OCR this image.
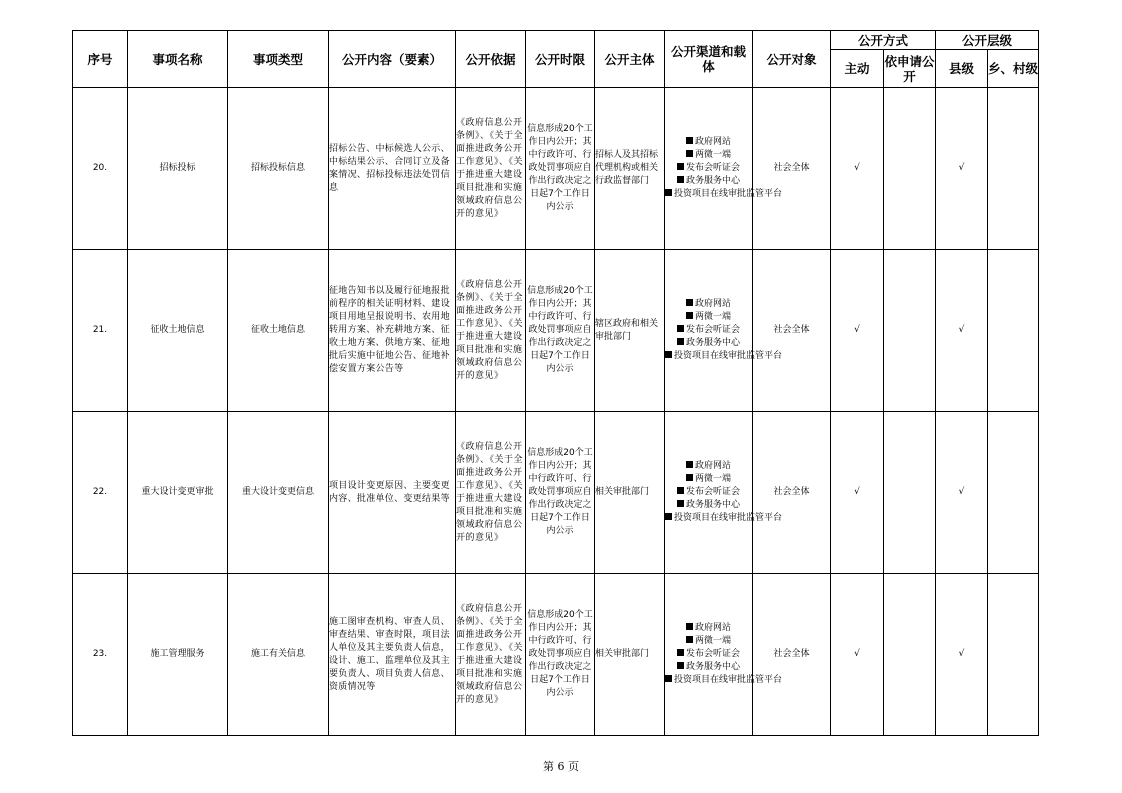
序号	事项名称	事项类型	公开内容（要素）	公开依据	公开时限	公开主体	公开渠道和载体	公开对象	公开方式		公开层级	
									主动	依申请公开	县级	乡、村级
20.	招标投标	招标投标信息	招标公告、中标候选人公示、中标结果公示、合同订立及备案情况、招标投标违法处罚信息	《政府信息公开条例》、《关于全面推进政务公开工作意见》、《关于推进重大建设项目批准和实施领域政府信息公开的意见》	信息形成20个工作日内公开；其中行政许可、行政处罚事项应自作出行政决定之日起7个工作日内公示	招标人及其招标代理机构或相关行政监督部门	政府网站
两微一端
发布会听证会
政务服务中心
投资项目在线审批监管平台	社会全体	√		√	
21.	征收土地信息	征收土地信息	征地告知书以及履行征地报批前程序的相关证明材料、建设项目用地呈报说明书、农用地转用方案、补充耕地方案、征收土地方案、供地方案、征地批后实施中征地公告、征地补偿安置方案公告等	《政府信息公开条例》、《关于全面推进政务公开工作意见》、《关于推进重大建设项目批准和实施领域政府信息公开的意见》	信息形成20个工作日内公开；其中行政许可、行政处罚事项应自作出行政决定之日起7个工作日内公示	辖区政府和相关审批部门	政府网站
两微一端
发布会听证会
政务服务中心
投资项目在线审批监管平台	社会全体	√		√	
22.	重大设计变更审批	重大设计变更信息	项目设计变更原因、主要变更内容、批准单位、变更结果等	《政府信息公开条例》、《关于全面推进政务公开工作意见》、《关于推进重大建设项目批准和实施领域政府信息公开的意见》	信息形成20个工作日内公开；其中行政许可、行政处罚事项应自作出行政决定之日起7个工作日内公示	相关审批部门	政府网站
两微一端
发布会听证会
政务服务中心
投资项目在线审批监管平台	社会全体	√		√	
23.	施工管理服务	施工有关信息	施工图审查机构、审查人员、审查结果、审查时限，项目法人单位及其主要负责人信息，设计、施工、监理单位及其主要负责人、项目负责人信息、资质情况等	《政府信息公开条例》、《关于全面推进政务公开工作意见》、《关于推进重大建设项目批准和实施领域政府信息公开的意见》	信息形成20个工作日内公开；其中行政许可、行政处罚事项应自作出行政决定之日起7个工作日内公示	相关审批部门	政府网站
两微一端
发布会听证会
政务服务中心
投资项目在线审批监管平台	社会全体	√		√	
第 6 页
